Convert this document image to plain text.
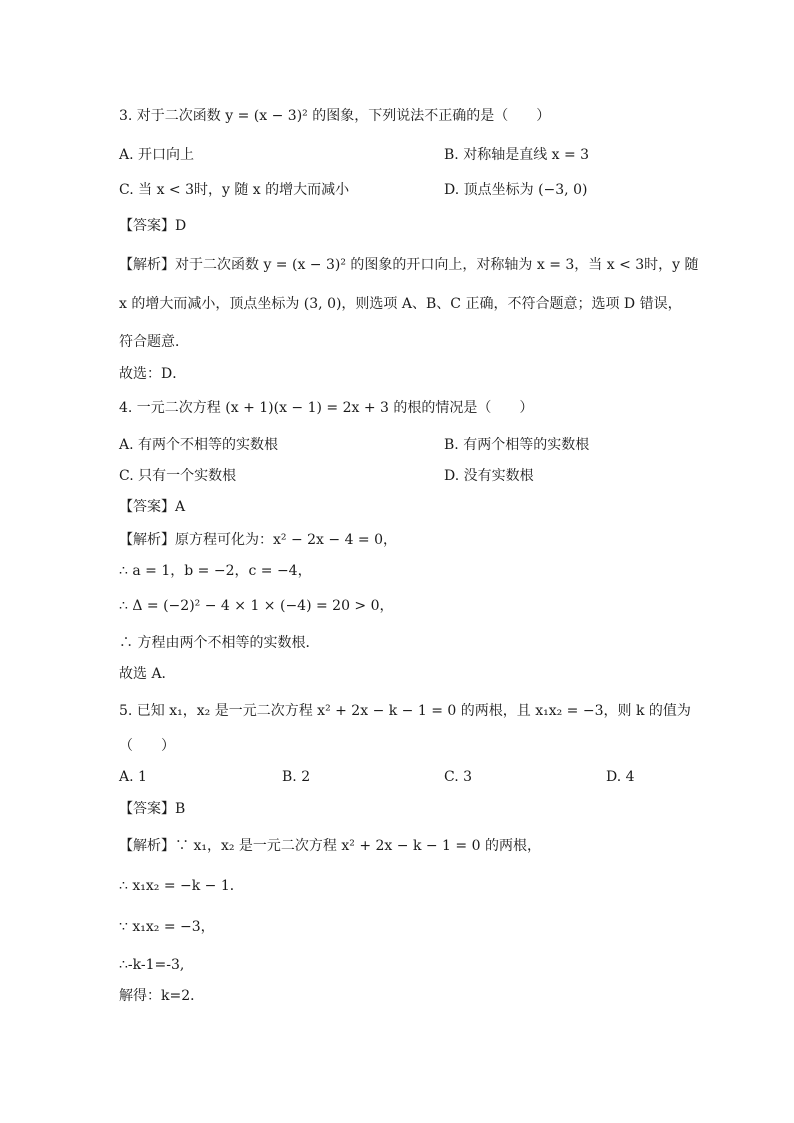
3. 对于二次函数 y = (x − 3)² 的图象，下列说法不正确的是（　　）
A. 开口向上	B. 对称轴是直线 x = 3
C. 当 x < 3时，y 随 x 的增大而减小	D. 顶点坐标为 (−3, 0)
【答案】D
【解析】对于二次函数 y = (x − 3)² 的图象的开口向上，对称轴为 x = 3，当 x < 3时，y 随
x 的增大而减小，顶点坐标为 (3, 0)，则选项 A、B、C 正确，不符合题意；选项 D 错误，
符合题意．
故选：D．
4. 一元二次方程 (x + 1)(x − 1) = 2x + 3 的根的情况是（　　）
A. 有两个不相等的实数根	B. 有两个相等的实数根
C. 只有一个实数根	D. 没有实数根
【答案】A
【解析】原方程可化为：x² − 2x − 4 = 0，
∴ a = 1，b = −2，c = −4，
∴ Δ = (−2)² − 4 × 1 × (−4) = 20 > 0，
∴ 方程由两个不相等的实数根．
故选 A．
5. 已知 x₁，x₂ 是一元二次方程 x² + 2x − k − 1 = 0 的两根，且 x₁x₂ = −3，则 k 的值为
（　　）
A. 1	B. 2	C. 3	D. 4
【答案】B
【解析】∵ x₁，x₂ 是一元二次方程 x² + 2x − k − 1 = 0 的两根，
∴ x₁x₂ = −k − 1．
∵ x₁x₂ = −3，
∴-k-1=-3,
解得：k=2．
